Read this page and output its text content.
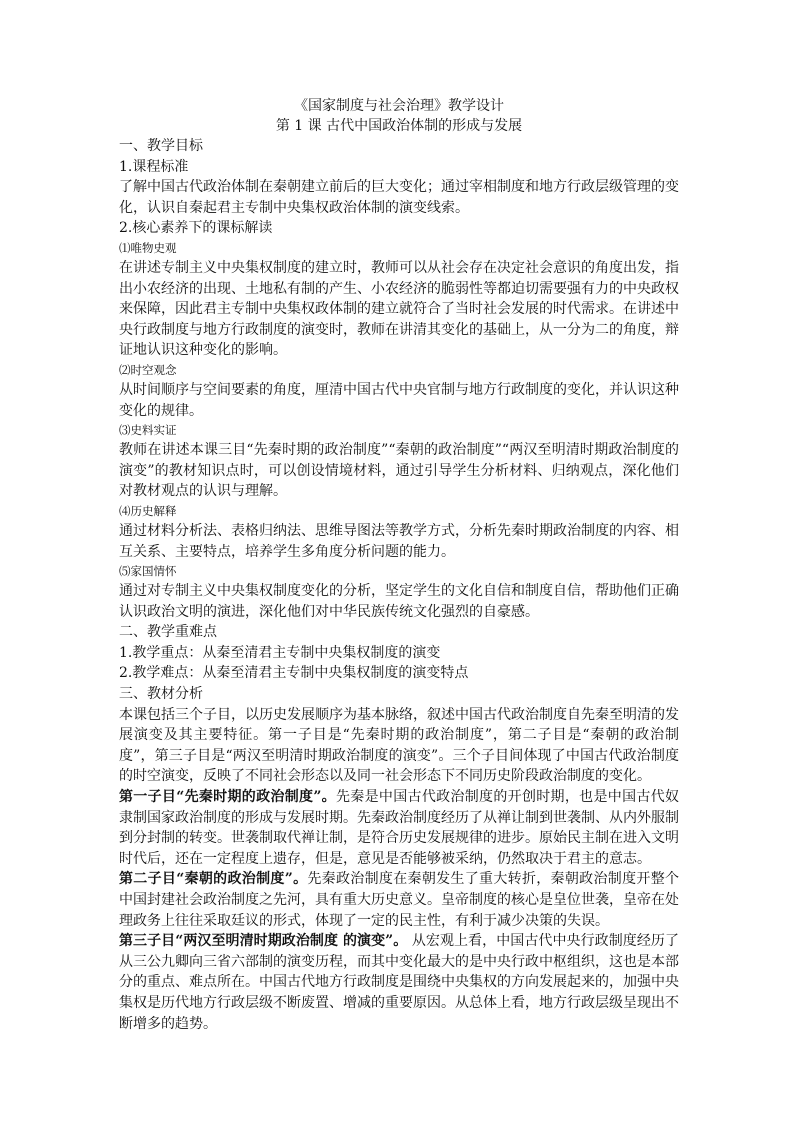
《国家制度与社会治理》教学设计

第 1 课 古代中国政治体制的形成与发展

一、教学目标

1.课程标准

了解中国古代政治体制在秦朝建立前后的巨大变化；通过宰相制度和地方行政层级管理的变化，认识自秦起君主专制中央集权政治体制的演变线索。

2.核心素养下的课标解读

⑴唯物史观

在讲述专制主义中央集权制度的建立时，教师可以从社会存在决定社会意识的角度出发，指出小农经济的出现、土地私有制的产生、小农经济的脆弱性等都迫切需要强有力的中央政权来保障，因此君主专制中央集权政体制的建立就符合了当时社会发展的时代需求。在讲述中央行政制度与地方行政制度的演变时，教师在讲清其变化的基础上，从一分为二的角度，辩证地认识这种变化的影响。

⑵时空观念

从时间顺序与空间要素的角度，厘清中国古代中央官制与地方行政制度的变化，并认识这种变化的规律。

⑶史料实证

教师在讲述本课三目“先秦时期的政治制度”“秦朝的政治制度”“两汉至明清时期政治制度的演变”的教材知识点时，可以创设情境材料，通过引导学生分析材料、归纳观点，深化他们对教材观点的认识与理解。

⑷历史解释

通过材料分析法、表格归纳法、思维导图法等教学方式，分析先秦时期政治制度的内容、相互关系、主要特点，培养学生多角度分析问题的能力。

⑸家国情怀

通过对专制主义中央集权制度变化的分析，坚定学生的文化自信和制度自信，帮助他们正确认识政治文明的演进，深化他们对中华民族传统文化强烈的自豪感。

二、教学重难点

1.教学重点：从秦至清君主专制中央集权制度的演变

2.教学难点：从秦至清君主专制中央集权制度的演变特点

三、教材分析

本课包括三个子目，以历史发展顺序为基本脉络，叙述中国古代政治制度自先秦至明清的发展演变及其主要特征。第一子目是“先秦时期的政治制度”，第二子目是“秦朝的政治制度”，第三子目是“两汉至明清时期政治制度的演变”。三个子目间体现了中国古代政治制度的时空演变，反映了不同社会形态以及同一社会形态下不同历史阶段政治制度的变化。

第一子目“先秦时期的政治制度”。先秦是中国古代政治制度的开创时期，也是中国古代奴隶制国家政治制度的形成与发展时期。先秦政治制度经历了从禅让制到世袭制、从内外服制到分封制的转变。世袭制取代禅让制，是符合历史发展规律的进步。原始民主制在进入文明时代后，还在一定程度上遗存，但是，意见是否能够被采纳，仍然取决于君主的意志。

第二子目“秦朝的政治制度”。先秦政治制度在秦朝发生了重大转折，秦朝政治制度开整个中国封建社会政治制度之先河，具有重大历史意义。皇帝制度的核心是皇位世袭，皇帝在处理政务上往往采取廷议的形式，体现了一定的民主性，有利于减少决策的失误。

第三子目“两汉至明清时期政治制度 的演变”。 从宏观上看，中国古代中央行政制度经历了从三公九卿向三省六部制的演变历程，而其中变化最大的是中央行政中枢组织，这也是本部分的重点、难点所在。中国古代地方行政制度是围绕中央集权的方向发展起来的，加强中央集权是历代地方行政层级不断废置、增减的重要原因。从总体上看，地方行政层级呈现出不断增多的趋势。
